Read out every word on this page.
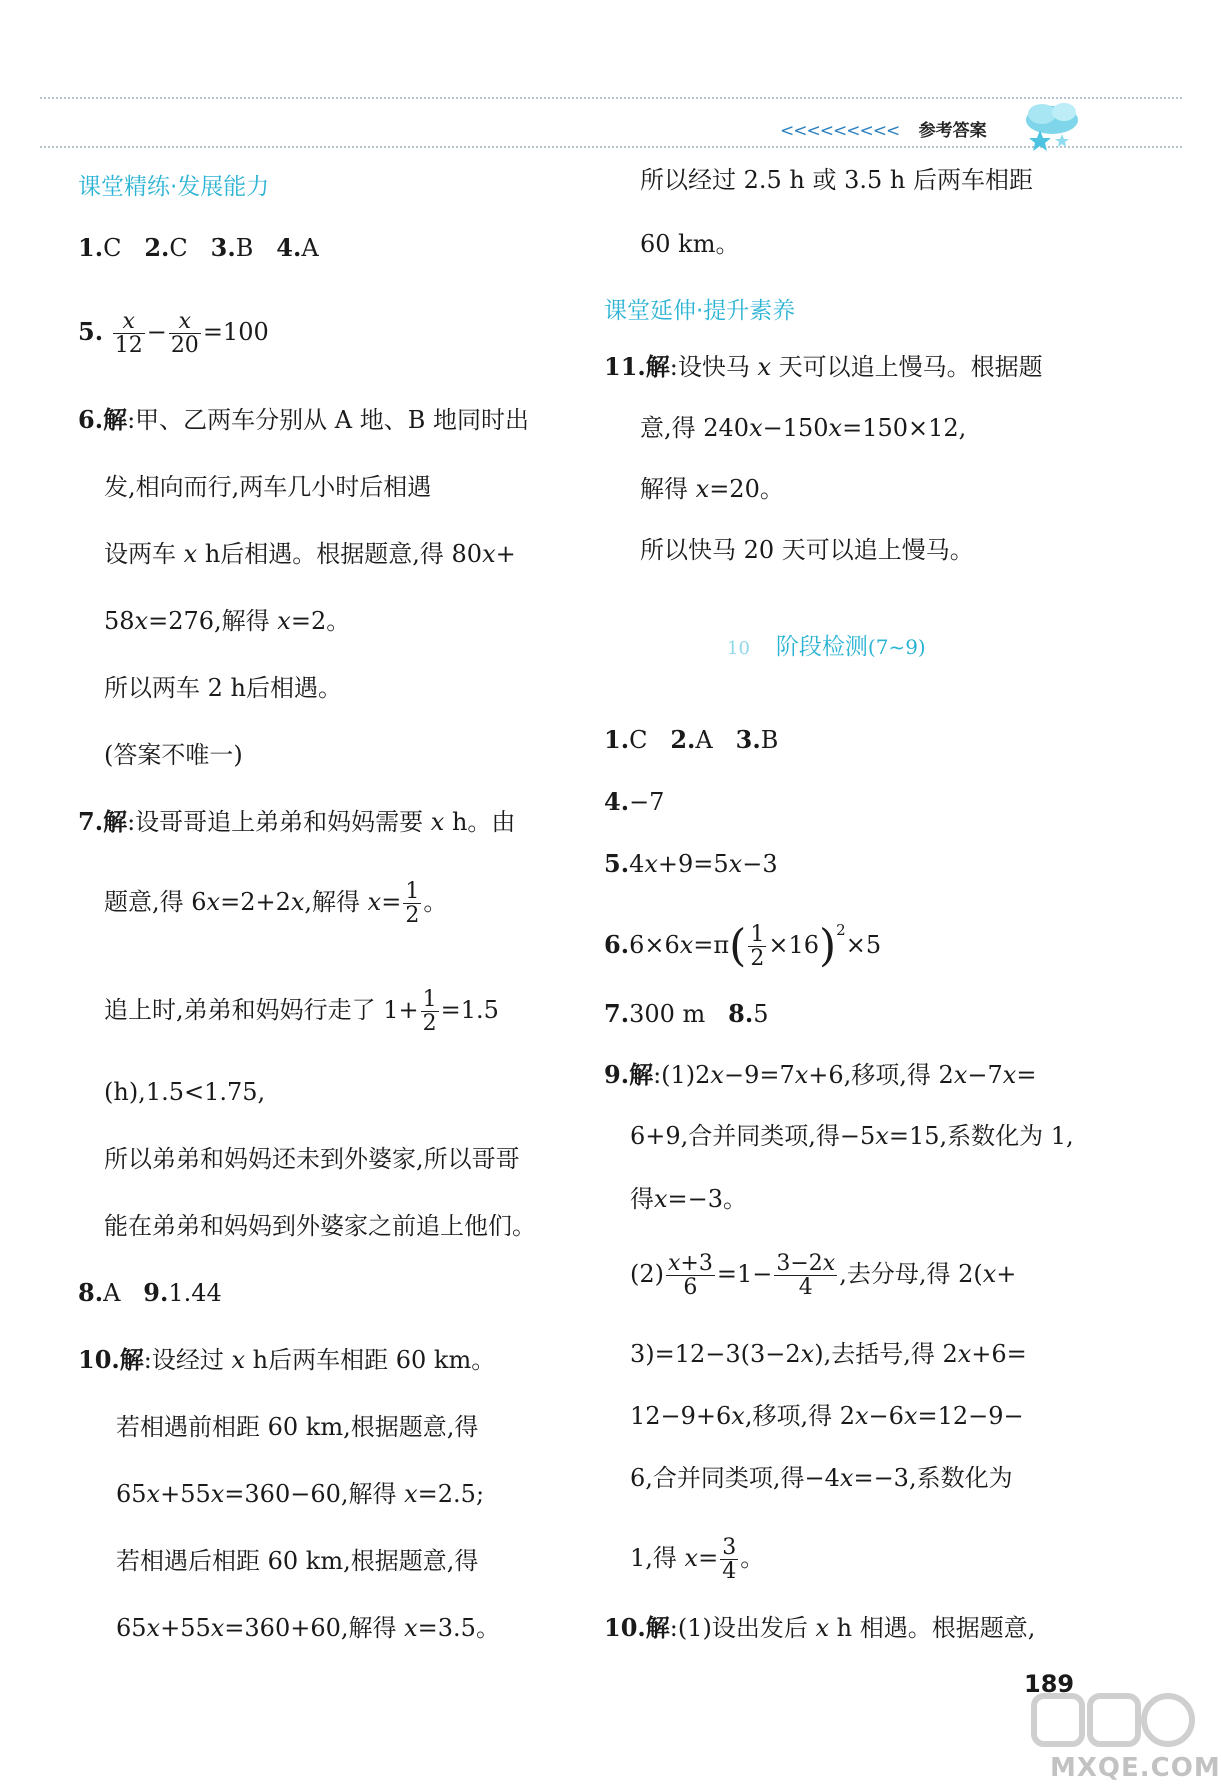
<<<<<<<<< 参考答案
课堂精练·发展能力
1.C 2.C 3.B 4.A
5. $\frac{x}{12} - \frac{x}{20} =100$
6.解:甲、乙两车分别从 A 地、B 地同时出
发,相向而行,两车几小时后相遇
设两车 x h后相遇。根据题意,得 80x+
58x=276,解得 x=2。
所以两车 2 h后相遇。
(答案不唯一)
7.解:设哥哥追上弟弟和妈妈需要 x h。由
题意,得 6x=2+2x,解得 $x= \frac{1}{2}$ 。
追上时,弟弟和妈妈行走了 $1+ \frac{1}{2} =1.5$
(h),1.5<1.75,
所以弟弟和妈妈还未到外婆家,所以哥哥
能在弟弟和妈妈到外婆家之前追上他们。
8.A 9.1.44
10.解:设经过 x h后两车相距 60 km。
若相遇前相距 60 km,根据题意,得
65x+55x=360−60,解得 x=2.5;
若相遇后相距 60 km,根据题意,得
65x+55x=360+60,解得 x=3.5。
所以经过 2.5 h 或 3.5 h 后两车相距
60 km。
课堂延伸·提升素养
11.解:设快马 x 天可以追上慢马。根据题
意,得 240x−150x=150×12,
解得 x=20。
所以快马 20 天可以追上慢马。
10 阶段检测(7~9)
1.C 2.A 3.B
4.−7
5.4x+9=5x−3
$6.6\times 6x=\pi( \frac{1}{2} \times 16)^2\times 5$
7.300 m 8.5
9.解:(1)2x−9=7x+6,移项,得 2x−7x=
6+9,合并同类项,得−5x=15,系数化为 1,
得x=−3。
$(2) \frac{x+3}{6} =1- \frac{3-2x}{4}$ ,去分母,得 2(x+
3)=12−3(3−2x),去括号,得 2x+6=
12−9+6x,移项,得 2x−6x=12−9−
6,合并同类项,得−4x=−3,系数化为
1,得 $x= \frac{3}{4}$ 。
10.解:(1)设出发后 x h 相遇。根据题意,
189
MXQE.COM
